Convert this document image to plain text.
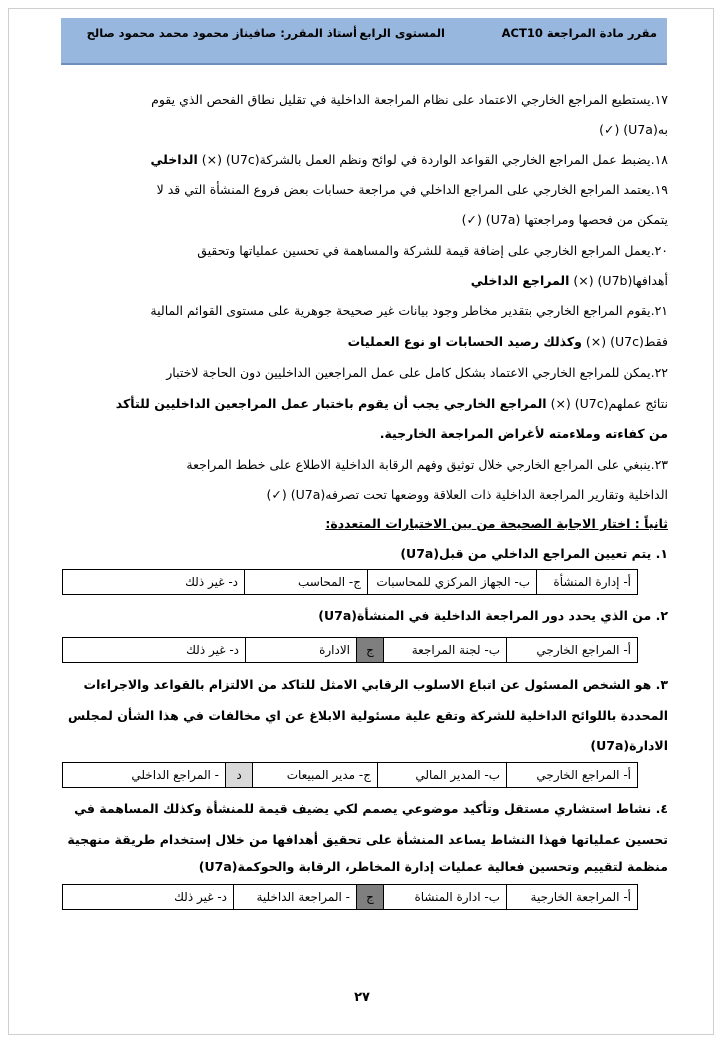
مقرر مادة المراجعة ACT10
المستوى الرابع
أستاذ المقرر: صافيناز محمود محمد محمود صالح
١٧.يستطيع المراجع الخارجي الاعتماد على نظام المراجعة الداخلية في تقليل نطاق الفحص الذي يقوم
به(U7a) (✓)
١٨.يضبط عمل المراجع الخارجي القواعد الواردة في لوائح ونظم العمل بالشركة(U7c) (×) الداخلي
١٩.يعتمد المراجع الخارجي على المراجع الداخلي في مراجعة حسابات بعض فروع المنشأة التي قد لا
يتمكن من فحصها ومراجعتها (U7a) (✓)
٢٠.يعمل المراجع الخارجي على إضافة قيمة للشركة والمساهمة في تحسين عملياتها وتحقيق
أهدافها(U7b) (×) المراجع الداخلي
٢١.يقوم المراجع الخارجي بتقدير مخاطر وجود بيانات غير صحيحة جوهرية على مستوى القوائم المالية
فقط(U7c) (×) وكذلك رصيد الحسابات او نوع العمليات
٢٢.يمكن للمراجع الخارجي الاعتماد بشكل كامل على عمل المراجعين الداخليين دون الحاجة لاختبار
نتائج عملهم(U7c) (×) المراجع الخارجي يجب أن يقوم باختبار عمل المراجعين الداخليين للتأكد
من كفاءته وملاءمته لأغراض المراجعة الخارجية.
٢٣.ينبغي على المراجع الخارجي خلال توثيق وفهم الرقابة الداخلية الاطلاع على خطط المراجعة
الداخلية وتقارير المراجعة الداخلية ذات العلاقة ووضعها تحت تصرفه(U7a) (✓)
ثانياً : اختار الاجابة الصحيحة من بين الاختيارات المتعددة:
١. يتم تعيين المراجع الداخلي من قبل(U7a)
أ- إدارة المنشأة	ب- الجهاز المركزي للمحاسبات	ج- المحاسب	د- غير ذلك
٢. من الذي يحدد دور المراجعة الداخلية في المنشأة(U7a)
أ- المراجع الخارجي	ب- لجنة المراجعة	ج	الادارة	د- غير ذلك
٣. هو الشخص المسئول عن اتباع الاسلوب الرقابي الامثل للتاكد من الالتزام بالقواعد والاجراءات
المحددة باللوائح الداخلية للشركة وتقع علية مسئولية الابلاغ عن اي مخالفات في هذا الشأن لمجلس
الادارة(U7a)
أ- المراجع الخارجي	ب- المدير المالي	ج- مدير المبيعات	د	- المراجع الداخلي
٤. نشاط استشاري مستقل وتأكيد موضوعي يصمم لكي يضيف قيمة للمنشأة وكذلك المساهمة في
تحسين عملياتها فهذا النشاط يساعد المنشأة على تحقيق أهدافها من خلال إستخدام طريقة منهجية
منظمة لتقييم وتحسين فعالية عمليات إدارة المخاطر، الرقابة والحوكمة(U7a)
أ- المراجعة الخارجية	ب- ادارة المنشاة	ج	- المراجعة الداخلية	د- غير ذلك
٢٧
